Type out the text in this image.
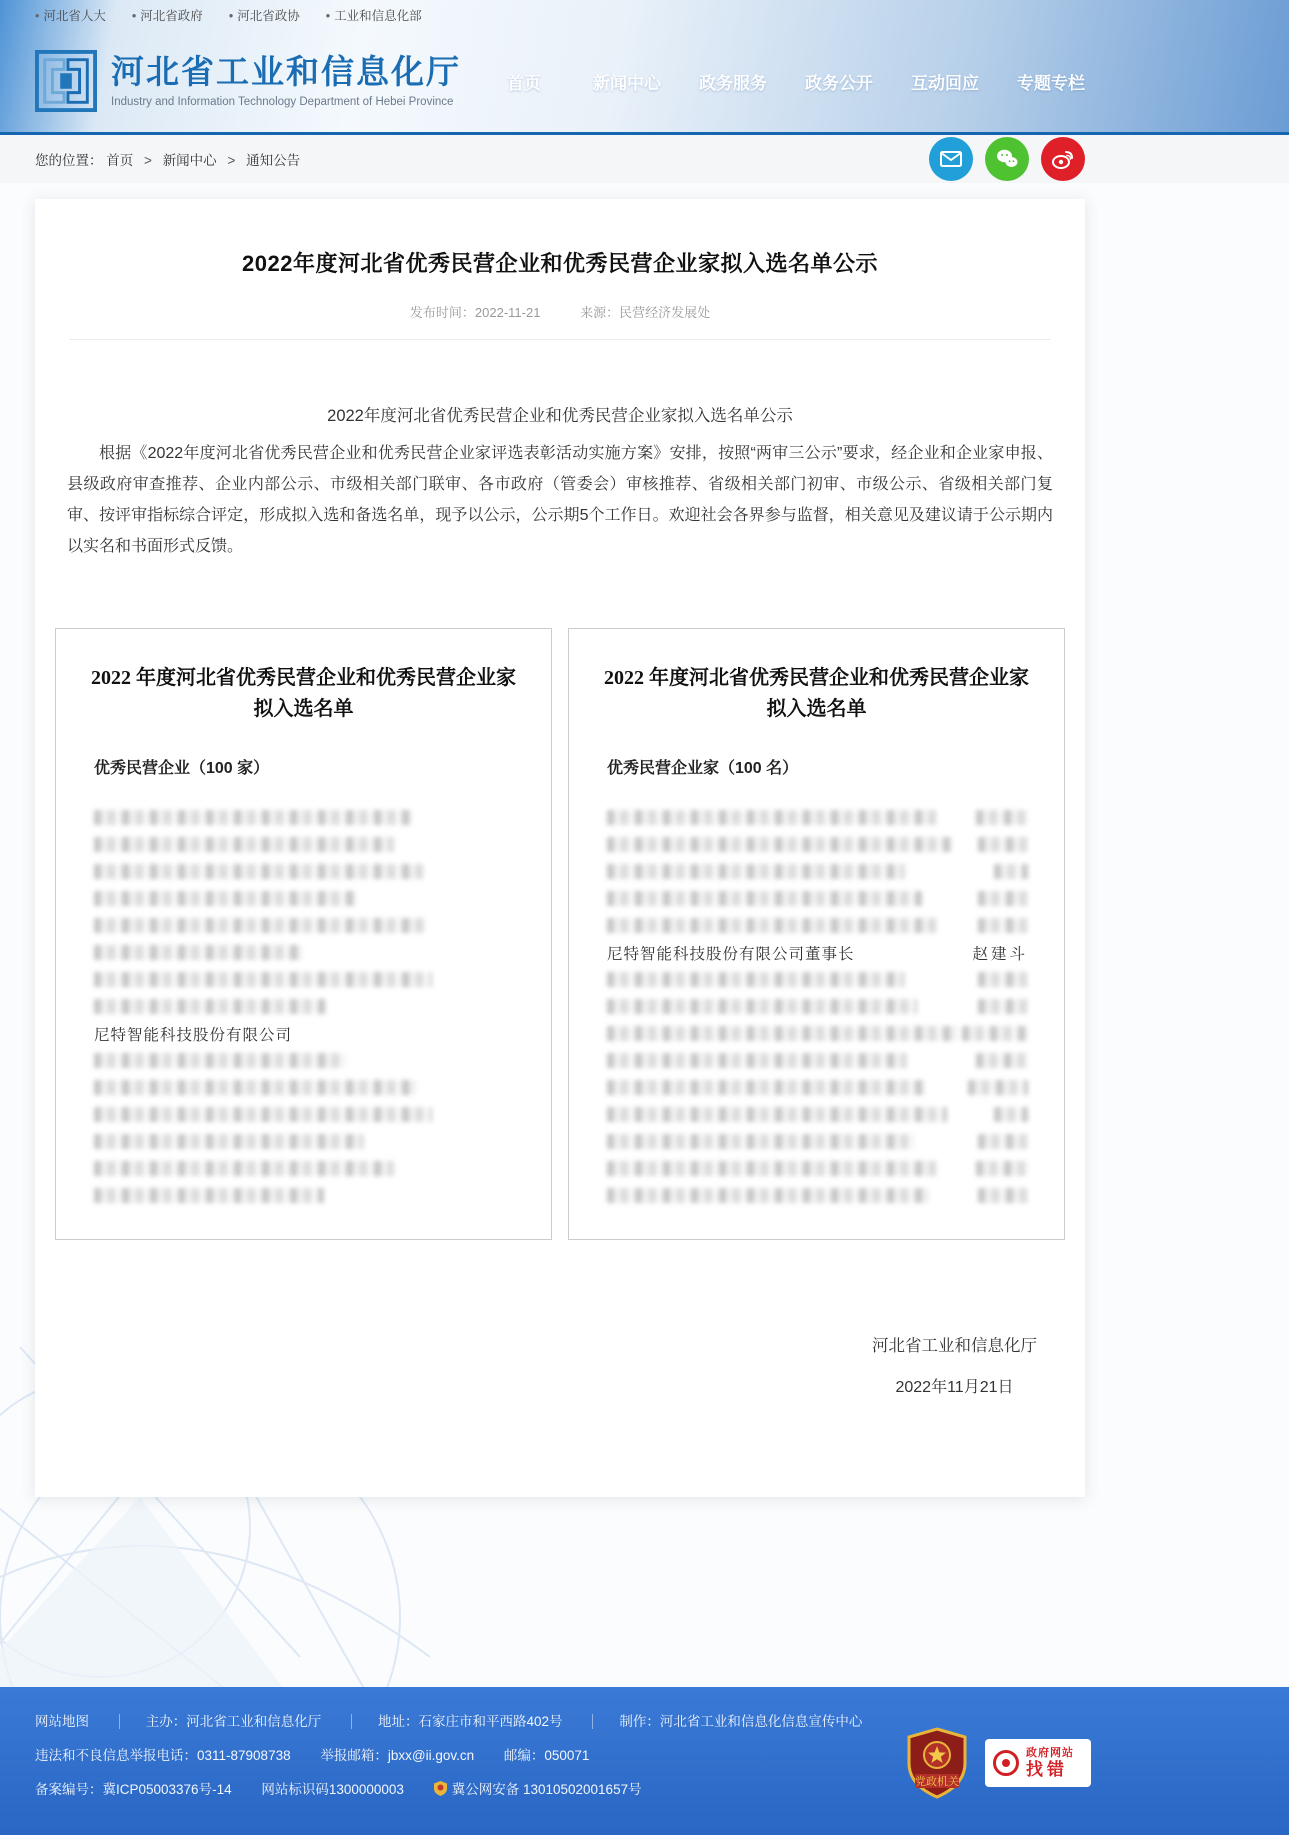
• 河北省人大 • 河北省政府 • 河北省政协 • 工业和信息化部
河北省工业和信息化厅
Industry and Information Technology Department of Hebei Province
首页	新闻中心 政务服务 政务公开 互动回应 专题专栏
您的位置： 首页 > 新闻中心 > 通知公告
2022年度河北省优秀民营企业和优秀民营企业家拟入选名单公示
发布时间：2022-11-21	来源：民营经济发展处
2022年度河北省优秀民营企业和优秀民营企业家拟入选名单公示

根据《2022年度河北省优秀民营企业和优秀民营企业家评选表彰活动实施方案》安排，按照“两审三公示”要求，经企业和企业家申报、县级政府审查推荐、企业内部公示、市级相关部门联审、各市政府（管委会）审核推荐、省级相关部门初审、市级公示、省级相关部门复审、按评审指标综合评定，形成拟入选和备选名单，现予以公示，公示期5个工作日。欢迎社会各界参与监督，相关意见及建议请于公示期内以实名和书面形式反馈。

2022 年度河北省优秀民营企业和优秀民营企业家
拟入选名单
优秀民营企业（100 家）
尼特智能科技股份有限公司
2022 年度河北省优秀民营企业和优秀民营企业家
拟入选名单
优秀民营企业家（100 名）
尼特智能科技股份有限公司董事长	赵建斗
河北省工业和信息化厅
2022年11月21日
网站地图	主办：河北省工业和信息化厅	地址：石家庄市和平西路402号	制作：河北省工业和信息化信息宣传中心
违法和不良信息举报电话：0311-87908738 举报邮箱：jbxx@ii.gov.cn 邮编：050071
备案编号：冀ICP05003376号-14 网站标识码1300000003	冀公网安备 13010502001657号	党政机关
政府网站
找错
